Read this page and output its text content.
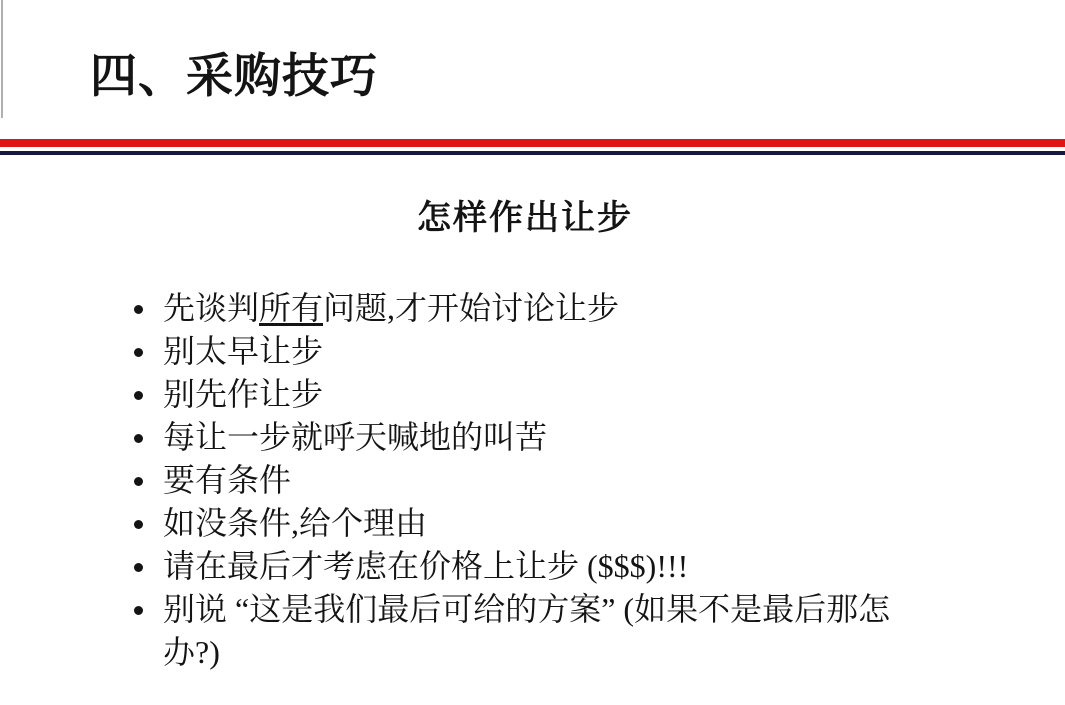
四、采购技巧
怎样作出让步
先谈判所有问题,才开始讨论让步
别太早让步
别先作让步
每让一步就呼天喊地的叫苦
要有条件
如没条件,给个理由
请在最后才考虑在价格上让步 ($$$)!!!
别说 “这是我们最后可给的方案” (如果不是最后那怎办?)
